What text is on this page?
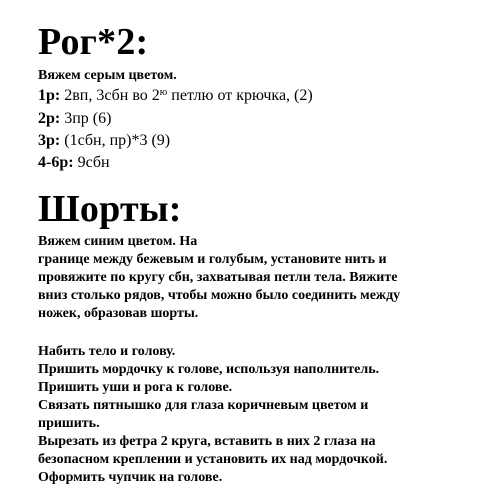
Рог*2:
Вяжем серым цветом.
1р: 2вп, 3сбн во $2^ю$ петлю от крючка, (2)
2р: 3пр (6)
3р: (1сбн, пр)*3 (9)
4-6р: 9сбн
Шорты:
Вяжем синим цветом. На
границе между бежевым и голубым, установите нить и
провяжите по кругу сбн, захватывая петли тела. Вяжите
вниз столько рядов, чтобы можно было соединить между
ножек, образовав шорты.
Набить тело и голову.
Пришить мордочку к голове, используя наполнитель.
Пришить уши и рога к голове.
Связать пятнышко для глаза коричневым цветом и
пришить.
Вырезать из фетра 2 круга, вставить в них 2 глаза на
безопасном креплении и установить их над мордочкой.
Оформить чупчик на голове.
